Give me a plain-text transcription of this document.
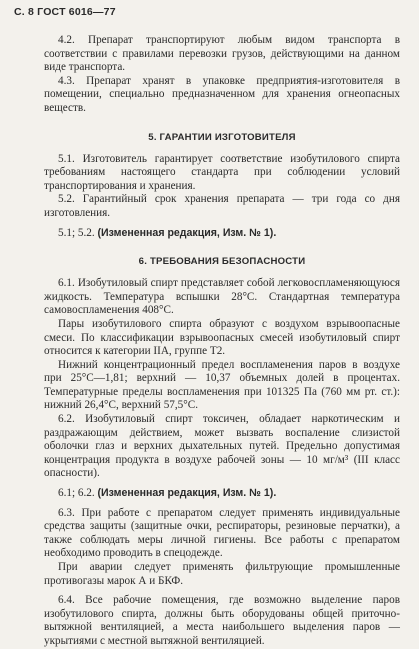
С. 8 ГОСТ 6016—77

4.2. Препарат транспортируют любым видом транспорта в соответствии с правилами перевозки грузов, действующими на данном виде транспорта.

4.3. Препарат хранят в упаковке предприятия-изготовителя в помещении, специально предназначенном для хранения огнеопасных веществ.

5. ГАРАНТИИ ИЗГОТОВИТЕЛЯ

5.1. Изготовитель гарантирует соответствие изобутилового спирта требованиям настоящего стандарта при соблюдении условий транспортирования и хранения.

5.2. Гарантийный срок хранения препарата — три года со дня изготовления.

5.1; 5.2. (Измененная редакция, Изм. № 1).

6. ТРЕБОВАНИЯ БЕЗОПАСНОСТИ

6.1. Изобутиловый спирт представляет собой легковоспламеняющуюся жидкость. Температура вспышки 28°С. Стандартная температура самовоспламенения 408°С.

Пары изобутилового спирта образуют с воздухом взрывоопасные смеси. По классификации взрывоопасных смесей изобутиловый спирт относится к категории IIА, группе Т2.

Нижний концентрационный предел воспламенения паров в воздухе при 25°С—1,81; верхний — 10,37 объемных долей в процентах. Температурные пределы воспламенения при 101325 Па (760 мм рт. ст.): нижний 26,4°С, верхний 57,5°С.

6.2. Изобутиловый спирт токсичен, обладает наркотическим и раздражающим действием, может вызвать воспаление слизистой оболочки глаз и верхних дыхательных путей. Предельно допустимая концентрация продукта в воздухе рабочей зоны — 10 мг/м³ (III класс опасности).

6.1; 6.2. (Измененная редакция, Изм. № 1).

6.3. При работе с препаратом следует применять индивидуальные средства защиты (защитные очки, респираторы, резиновые перчатки), а также соблюдать меры личной гигиены. Все работы с препаратом необходимо проводить в спецодежде.

При аварии следует применять фильтрующие промышленные противогазы марок А и БКФ.

6.4. Все рабочие помещения, где возможно выделение паров изобутилового спирта, должны быть оборудованы общей приточно-вытяжной вентиляцией, а места наибольшего выделения паров — укрытиями с местной вытяжной вентиляцией.
